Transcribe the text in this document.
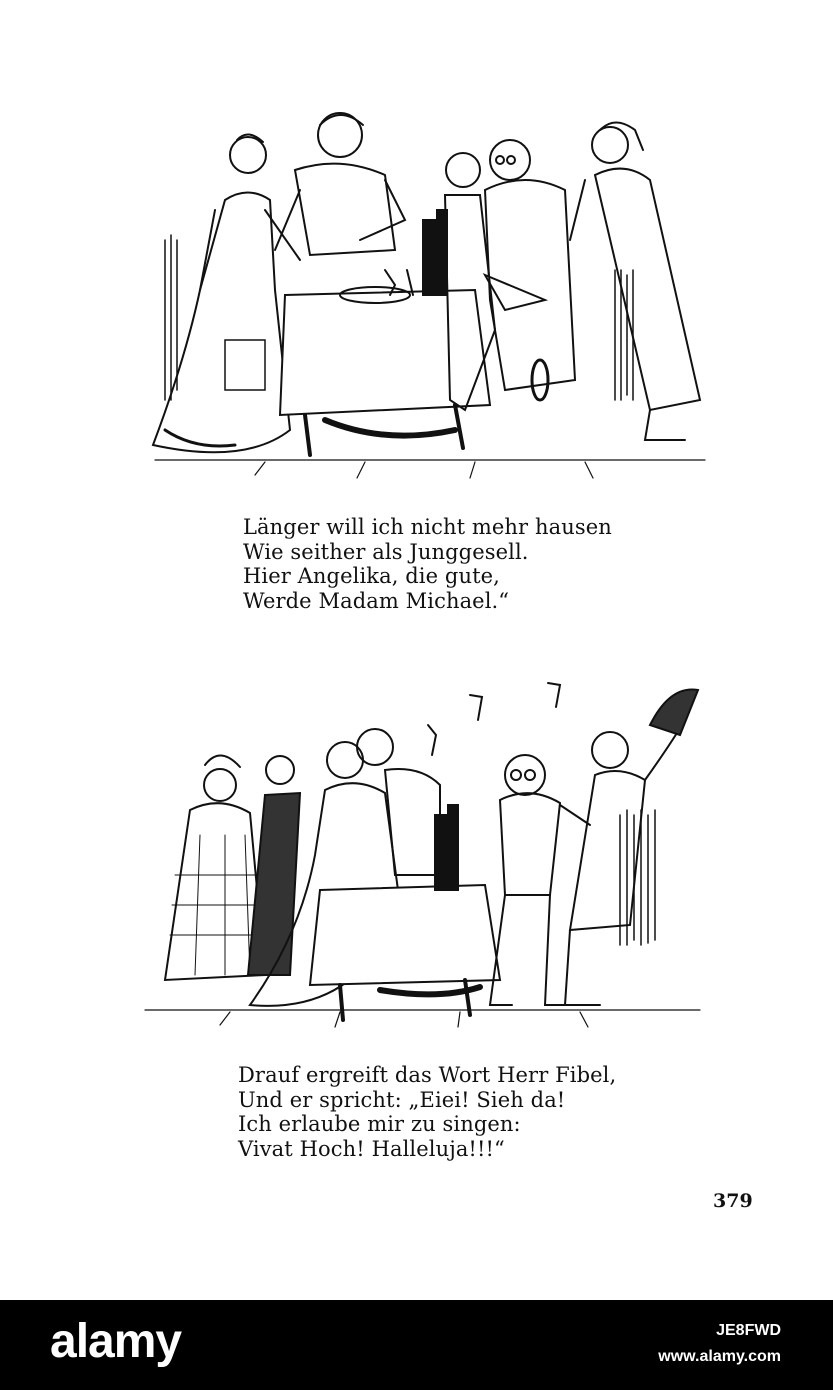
Länger will ich nicht mehr hausen
Wie seither als Junggesell.
Hier Angelika, die gute,
Werde Madam Michael.“
Drauf ergreift das Wort Herr Fibel,
Und er spricht: „Eiei! Sieh da!
Ich erlaube mir zu singen:
Vivat Hoch! Halleluja!!!“
379
alamy	JE8FWD
www.alamy.com
